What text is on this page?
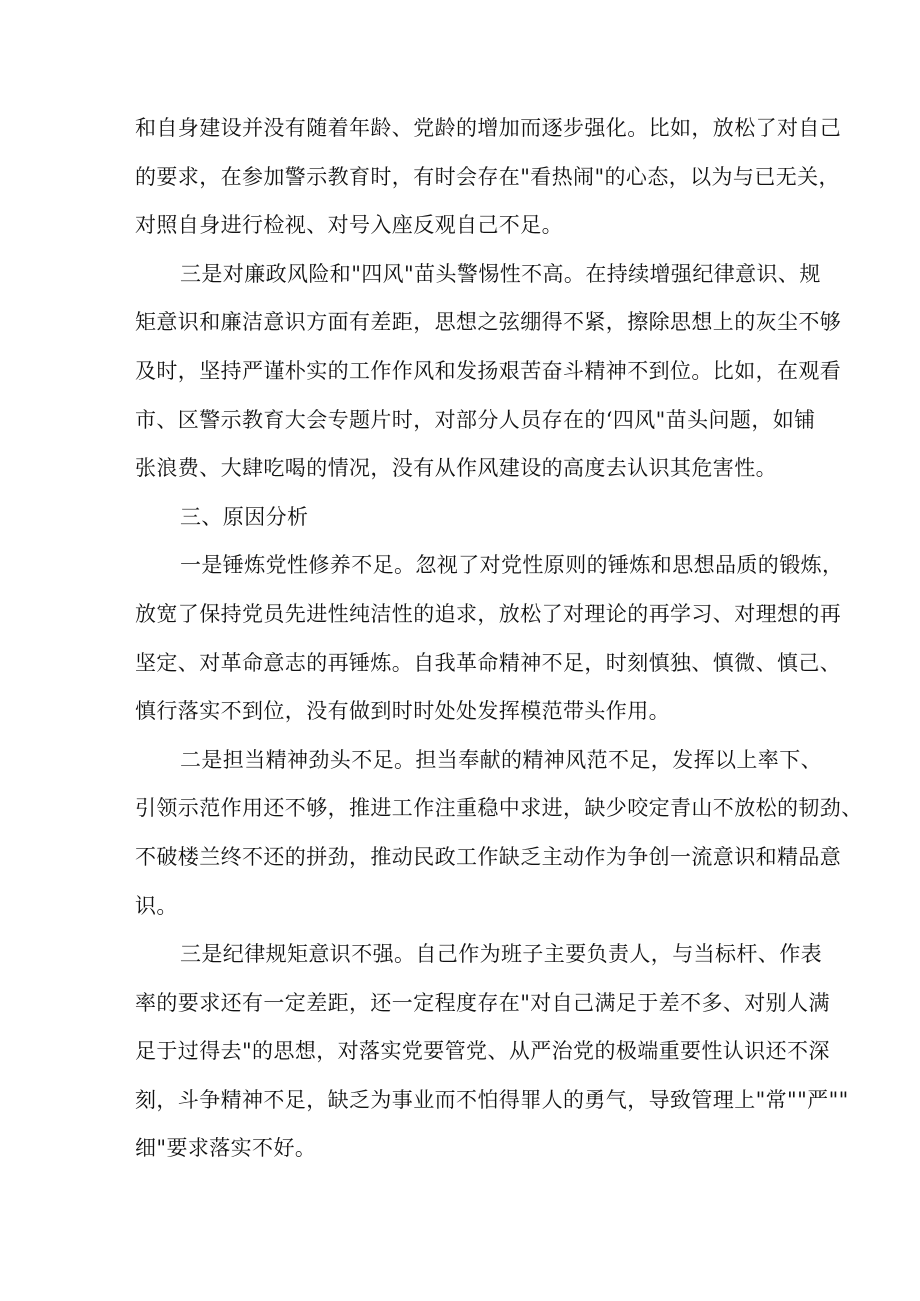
和自身建设并没有随着年龄、党龄的增加而逐步强化。比如，放松了对自己
的要求，在参加警示教育时，有时会存在"看热闹"的心态，以为与已无关，
对照自身进行检视、对号入座反观自己不足。

三是对廉政风险和"四风"苗头警惕性不高。在持续增强纪律意识、规
矩意识和廉洁意识方面有差距，思想之弦绷得不紧，擦除思想上的灰尘不够
及时，坚持严谨朴实的工作作风和发扬艰苦奋斗精神不到位。比如，在观看
市、区警示教育大会专题片时，对部分人员存在的‘四风"苗头问题，如铺
张浪费、大肆吃喝的情况，没有从作风建设的高度去认识其危害性。

三、原因分析

一是锤炼党性修养不足。忽视了对党性原则的锤炼和思想品质的锻炼，
放宽了保持党员先进性纯洁性的追求，放松了对理论的再学习、对理想的再
坚定、对革命意志的再锤炼。自我革命精神不足，时刻慎独、慎微、慎己、
慎行落实不到位，没有做到时时处处发挥模范带头作用。

二是担当精神劲头不足。担当奉献的精神风范不足，发挥以上率下、
引领示范作用还不够，推进工作注重稳中求进，缺少咬定青山不放松的韧劲、
不破楼兰终不还的拼劲，推动民政工作缺乏主动作为争创一流意识和精品意
识。

三是纪律规矩意识不强。自己作为班子主要负责人，与当标杆、作表
率的要求还有一定差距，还一定程度存在"对自己满足于差不多、对别人满
足于过得去"的思想，对落实党要管党、从严治党的极端重要性认识还不深
刻，斗争精神不足，缺乏为事业而不怕得罪人的勇气，导致管理上"常""严""
细"要求落实不好。
